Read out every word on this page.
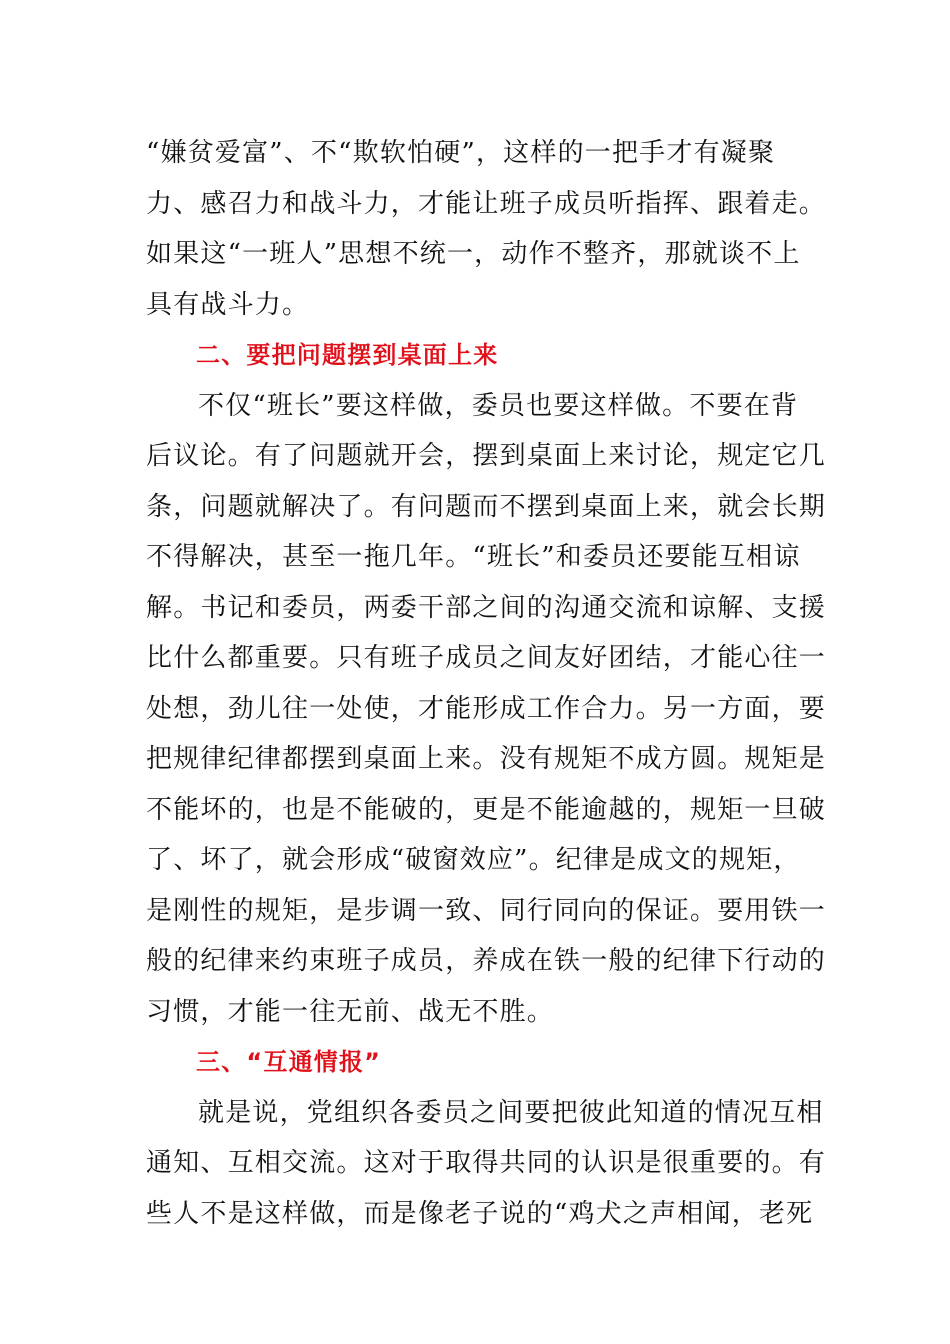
“嫌贫爱富”、不“欺软怕硬”，这样的一把手才有凝聚
力、感召力和战斗力，才能让班子成员听指挥、跟着走。
如果这“一班人”思想不统一，动作不整齐，那就谈不上
具有战斗力。
二、要把问题摆到桌面上来
不仅“班长”要这样做，委员也要这样做。不要在背
后议论。有了问题就开会，摆到桌面上来讨论，规定它几
条，问题就解决了。有问题而不摆到桌面上来，就会长期
不得解决，甚至一拖几年。“班长”和委员还要能互相谅
解。书记和委员，两委干部之间的沟通交流和谅解、支援
比什么都重要。只有班子成员之间友好团结，才能心往一
处想，劲儿往一处使，才能形成工作合力。另一方面，要
把规律纪律都摆到桌面上来。没有规矩不成方圆。规矩是
不能坏的，也是不能破的，更是不能逾越的，规矩一旦破
了、坏了，就会形成“破窗效应”。纪律是成文的规矩，
是刚性的规矩，是步调一致、同行同向的保证。要用铁一
般的纪律来约束班子成员，养成在铁一般的纪律下行动的
习惯，才能一往无前、战无不胜。
三、“互通情报”
就是说，党组织各委员之间要把彼此知道的情况互相
通知、互相交流。这对于取得共同的认识是很重要的。有
些人不是这样做，而是像老子说的“鸡犬之声相闻，老死
